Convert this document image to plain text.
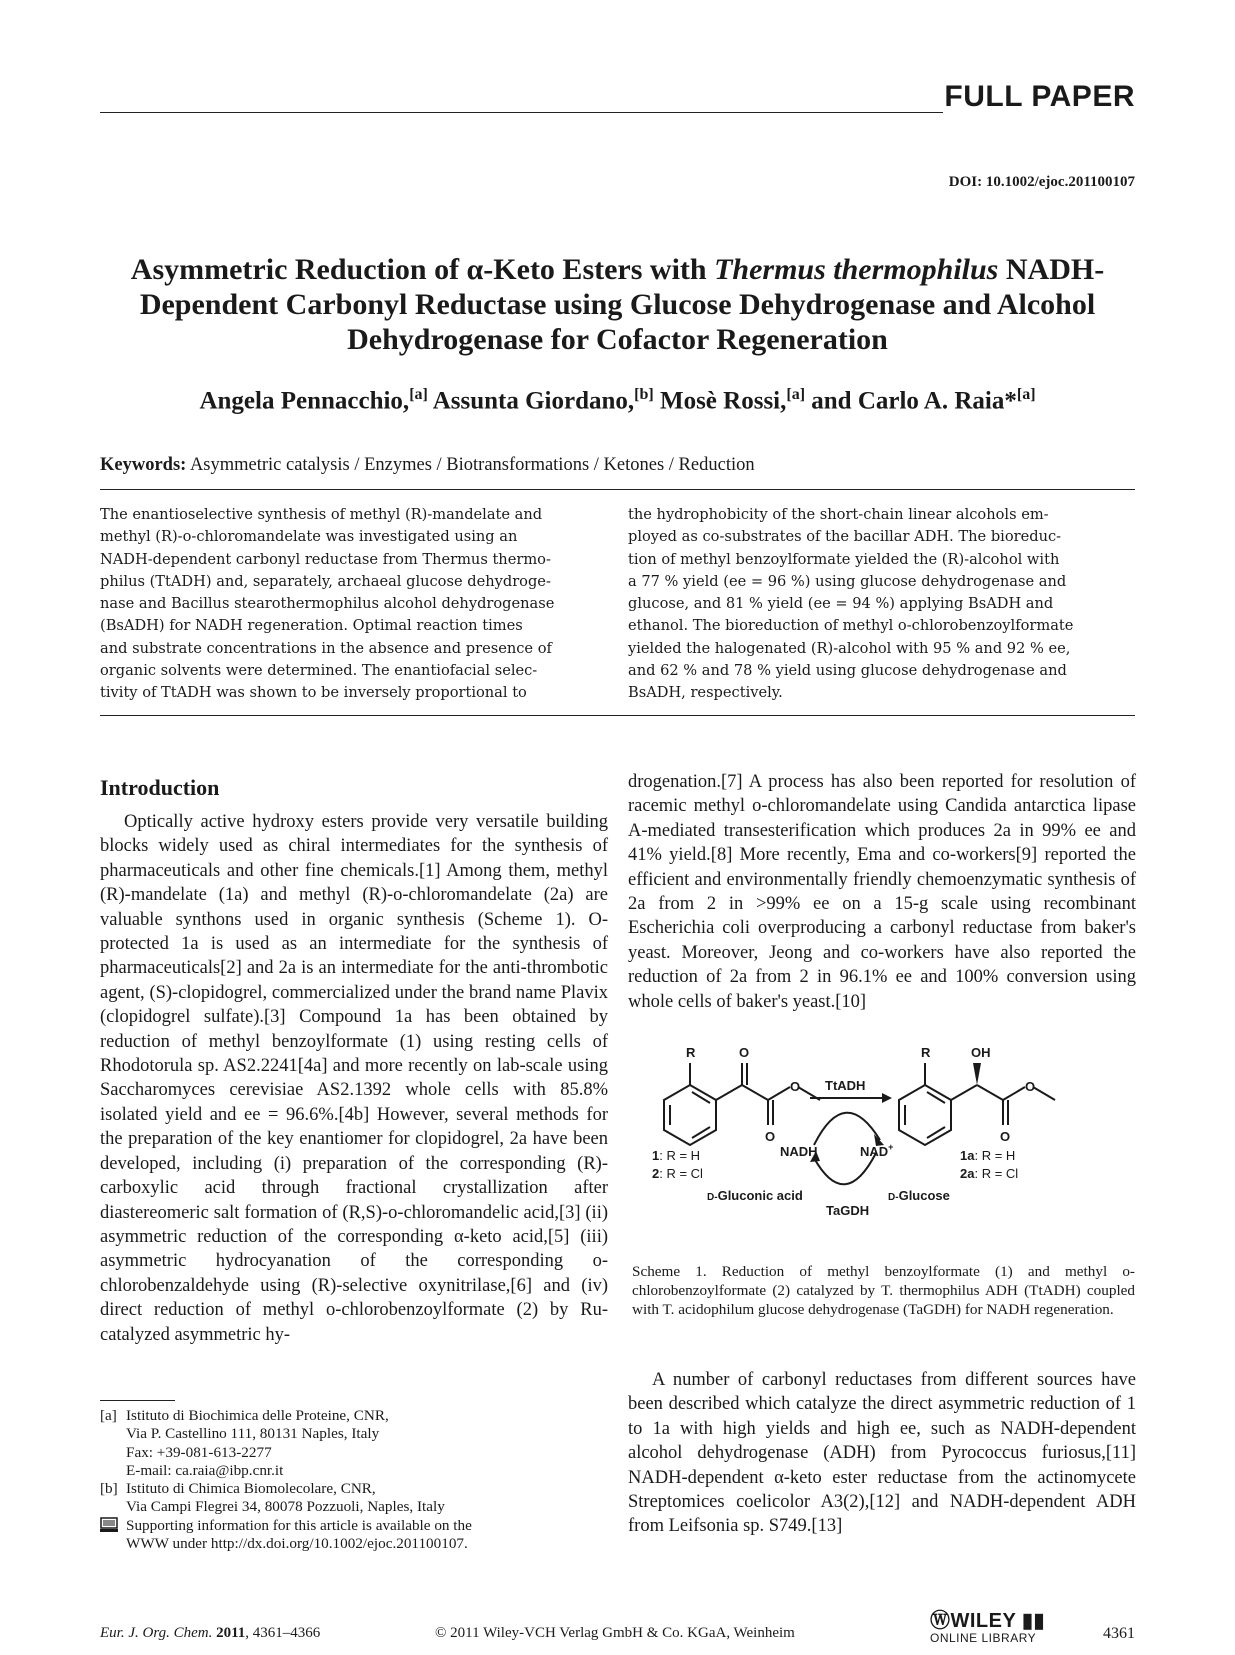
FULL PAPER
DOI: 10.1002/ejoc.201100107
Asymmetric Reduction of α-Keto Esters with Thermus thermophilus NADH-
Dependent Carbonyl Reductase using Glucose Dehydrogenase and Alcohol
Dehydrogenase for Cofactor Regeneration
Angela Pennacchio,[a] Assunta Giordano,[b] Mosè Rossi,[a] and Carlo A. Raia*[a]
Keywords: Asymmetric catalysis / Enzymes / Biotransformations / Ketones / Reduction
The enantioselective synthesis of methyl (R)-mandelate and
methyl (R)-o-chloromandelate was investigated using an
NADH-dependent carbonyl reductase from Thermus thermo-
philus (TtADH) and, separately, archaeal glucose dehydroge-
nase and Bacillus stearothermophilus alcohol dehydrogenase
(BsADH) for NADH regeneration. Optimal reaction times
and substrate concentrations in the absence and presence of
organic solvents were determined. The enantiofacial selec-
tivity of TtADH was shown to be inversely proportional to
the hydrophobicity of the short-chain linear alcohols em-
ployed as co-substrates of the bacillar ADH. The bioreduc-
tion of methyl benzoylformate yielded the (R)-alcohol with
a 77 % yield (ee = 96 %) using glucose dehydrogenase and
glucose, and 81 % yield (ee = 94 %) applying BsADH and
ethanol. The bioreduction of methyl o-chlorobenzoylformate
yielded the halogenated (R)-alcohol with 95 % and 92 % ee,
and 62 % and 78 % yield using glucose dehydrogenase and
BsADH, respectively.
Introduction

Optically active hydroxy esters provide very versatile building blocks widely used as chiral intermediates for the synthesis of pharmaceuticals and other fine chemicals.[1] Among them, methyl (R)-mandelate (1a) and methyl (R)-o-chloromandelate (2a) are valuable synthons used in organic synthesis (Scheme 1). O-protected 1a is used as an intermediate for the synthesis of pharmaceuticals[2] and 2a is an intermediate for the anti-thrombotic agent, (S)-clopidogrel, commercialized under the brand name Plavix (clopidogrel sulfate).[3] Compound 1a has been obtained by reduction of methyl benzoylformate (1) using resting cells of Rhodotorula sp. AS2.2241[4a] and more recently on lab-scale using Saccharomyces cerevisiae AS2.1392 whole cells with 85.8% isolated yield and ee = 96.6%.[4b] However, several methods for the preparation of the key enantiomer for clopidogrel, 2a have been developed, including (i) preparation of the corresponding (R)-carboxylic acid through fractional crystallization after diastereomeric salt formation of (R,S)-o-chloromandelic acid,[3] (ii) asymmetric reduction of the corresponding α-keto acid,[5] (iii) asymmetric hydrocyanation of the corresponding o-chlorobenzaldehyde using (R)-selective oxynitrilase,[6] and (iv) direct reduction of methyl o-chlorobenzoylformate (2) by Ru-catalyzed asymmetric hy-

drogenation.[7] A process has also been reported for resolution of racemic methyl o-chloromandelate using Candida antarctica lipase A-mediated transesterification which produces 2a in 99% ee and 41% yield.[8] More recently, Ema and co-workers[9] reported the efficient and environmentally friendly chemoenzymatic synthesis of 2a from 2 in >99% ee on a 15-g scale using recombinant Escherichia coli overproducing a carbonyl reductase from baker's yeast. Moreover, Jeong and co-workers have also reported the reduction of 2a from 2 in 96.1% ee and 100% conversion using whole cells of baker's yeast.[10]

R	O
O
O
R	OH
O
O
TtADH
NADH	NAD+
D-Gluconic acid	D-Glucose
TaGDH
1: R = H
2: R = Cl
1a: R = H
2a: R = Cl
Scheme 1. Reduction of methyl benzoylformate (1) and methyl o-chlorobenzoylformate (2) catalyzed by T. thermophilus ADH (TtADH) coupled with T. acidophilum glucose dehydrogenase (TaGDH) for NADH regeneration.

A number of carbonyl reductases from different sources have been described which catalyze the direct asymmetric reduction of 1 to 1a with high yields and high ee, such as NADH-dependent alcohol dehydrogenase (ADH) from Pyrococcus furiosus,[11] NADH-dependent α-keto ester reductase from the actinomycete Streptomices coelicolor A3(2),[12] and NADH-dependent ADH from Leifsonia sp. S749.[13]

[a] Istituto di Biochimica delle Proteine, CNR,
Via P. Castellino 111, 80131 Naples, Italy
Fax: +39-081-613-2277
E-mail: ca.raia@ibp.cnr.it
[b] Istituto di Chimica Biomolecolare, CNR,
Via Campi Flegrei 34, 80078 Pozzuoli, Naples, Italy
Supporting information for this article is available on the
WWW under http://dx.doi.org/10.1002/ejoc.201100107.
Eur. J. Org. Chem. 2011, 4361–4366	© 2011 Wiley-VCH Verlag GmbH & Co. KGaA, Weinheim
ⓌWILEY ▮▮
ONLINE LIBRARY	4361
